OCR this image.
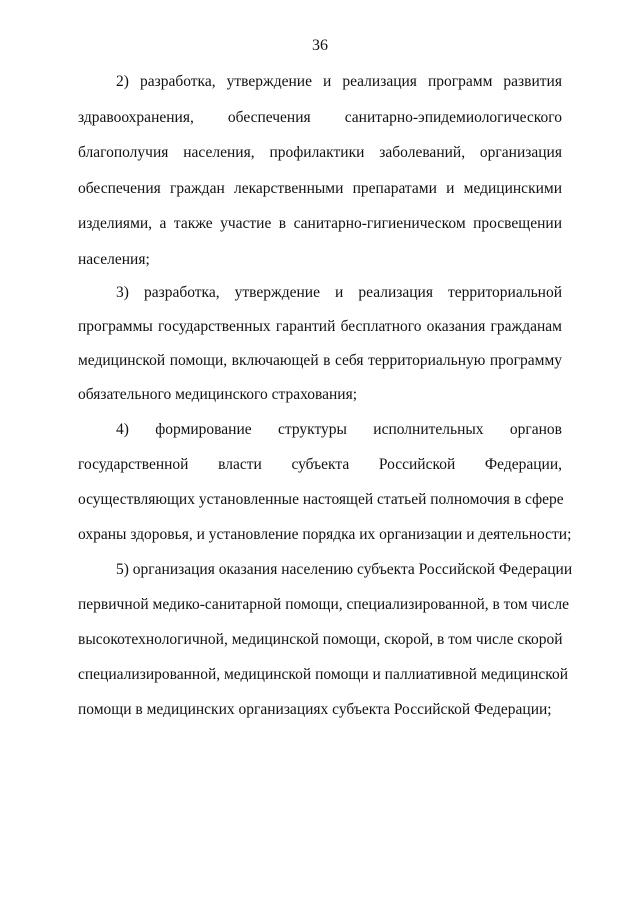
36
2) разработка, утверждение и реализация программ развития
здравоохранения, обеспечения санитарно-эпидемиологического
благополучия населения, профилактики заболеваний, организация
обеспечения граждан лекарственными препаратами и медицинскими
изделиями, а также участие в санитарно-гигиеническом просвещении
населения;
3) разработка, утверждение и реализация территориальной
программы государственных гарантий бесплатного оказания гражданам
медицинской помощи, включающей в себя территориальную программу
обязательного медицинского страхования;
4) формирование структуры исполнительных органов
государственной власти субъекта Российской Федерации,
осуществляющих установленные настоящей статьей полномочия в сфере
охраны здоровья, и установление порядка их организации и деятельности;
5) организация оказания населению субъекта Российской Федерации
первичной медико-санитарной помощи, специализированной, в том числе
высокотехнологичной, медицинской помощи, скорой, в том числе скорой
специализированной, медицинской помощи и паллиативной медицинской
помощи в медицинских организациях субъекта Российской Федерации;
